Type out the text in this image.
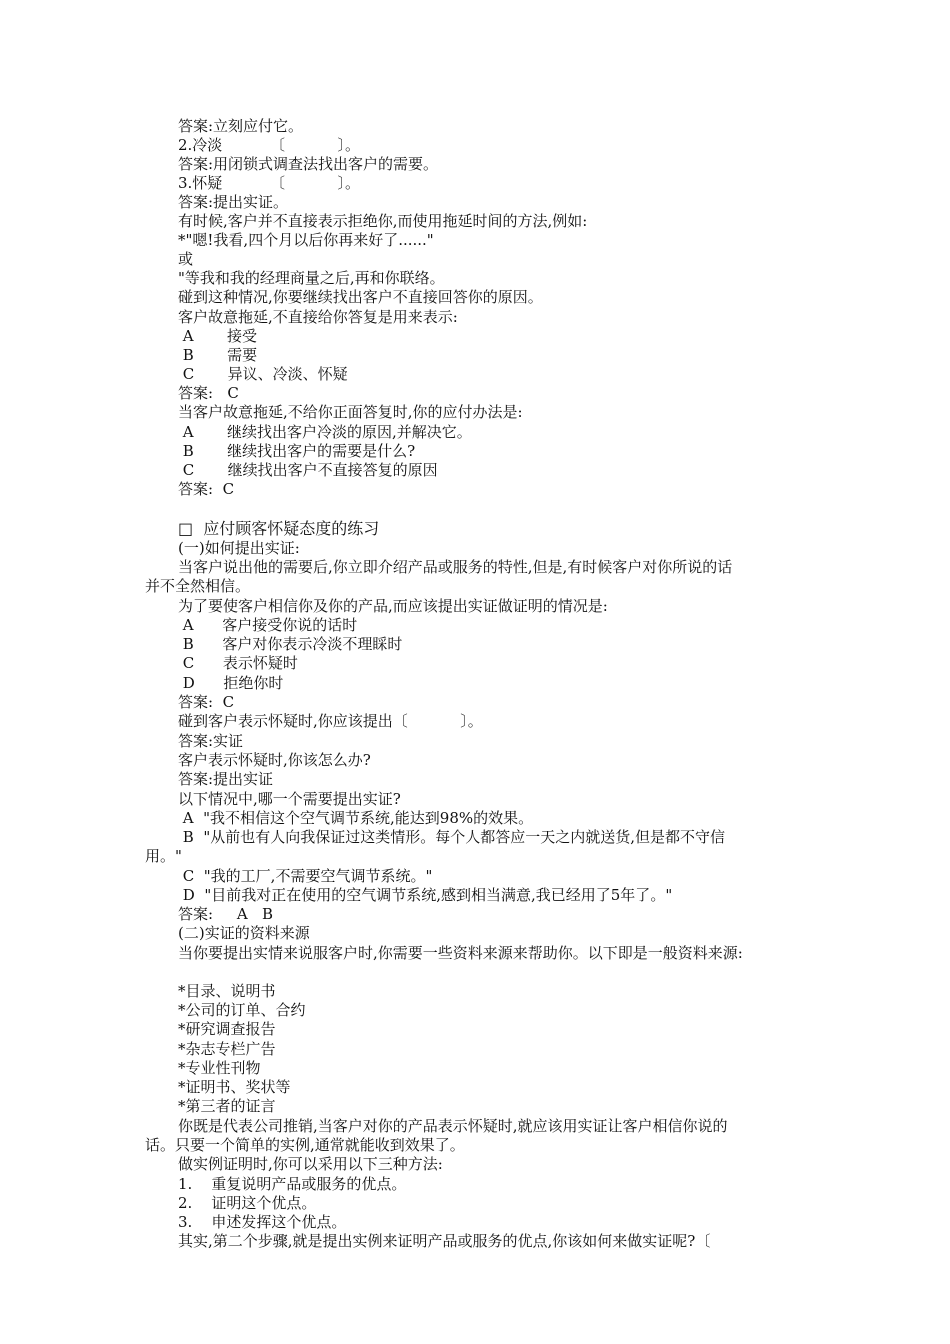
答案:立刻应付它。
2.冷淡          〔           〕。
答案:用闭锁式调查法找出客户的需要。
3.怀疑          〔           〕。
答案:提出实证。
有时候,客户并不直接表示拒绝你,而使用拖延时间的方法,例如:
*"嗯!我看,四个月以后你再来好了......"
或
"等我和我的经理商量之后,再和你联络。
碰到这种情况,你要继续找出客户不直接回答你的原因。
客户故意拖延,不直接给你答复是用来表示:
A       接受
B       需要
C       异议、冷淡、怀疑
答案:   C
当客户故意拖延,不给你正面答复时,你的应付办法是:
A       继续找出客户冷淡的原因,并解决它。
B       继续找出客户的需要是什么?
C       继续找出客户不直接答复的原因
答案:  C
□  应付顾客怀疑态度的练习
(一)如何提出实证:
当客户说出他的需要后,你立即介绍产品或服务的特性,但是,有时候客户对你所说的话
并不全然相信。
为了要使客户相信你及你的产品,而应该提出实证做证明的情况是:
A      客户接受你说的话时
B      客户对你表示冷淡不理睬时
C      表示怀疑时
D      拒绝你时
答案:  C
碰到客户表示怀疑时,你应该提出〔           〕。
答案:实证
客户表示怀疑时,你该怎么办?
答案:提出实证
以下情况中,哪一个需要提出实证?
A  "我不相信这个空气调节系统,能达到98%的效果。
B  "从前也有人向我保证过这类情形。每个人都答应一天之内就送货,但是都不守信
用。"
C  "我的工厂,不需要空气调节系统。"
D  "目前我对正在使用的空气调节系统,感到相当满意,我已经用了5年了。"
答案:     A   B
(二)实证的资料来源
当你要提出实情来说服客户时,你需要一些资料来源来帮助你。以下即是一般资料来源:
*目录、说明书
*公司的订单、合约
*研究调查报告
*杂志专栏广告
*专业性刊物
*证明书、奖状等
*第三者的证言
你既是代表公司推销,当客户对你的产品表示怀疑时,就应该用实证让客户相信你说的
话。只要一个简单的实例,通常就能收到效果了。
做实例证明时,你可以采用以下三种方法:
1.    重复说明产品或服务的优点。
2.    证明这个优点。
3.    申述发挥这个优点。
其实,第二个步骤,就是提出实例来证明产品或服务的优点,你该如何来做实证呢?〔
